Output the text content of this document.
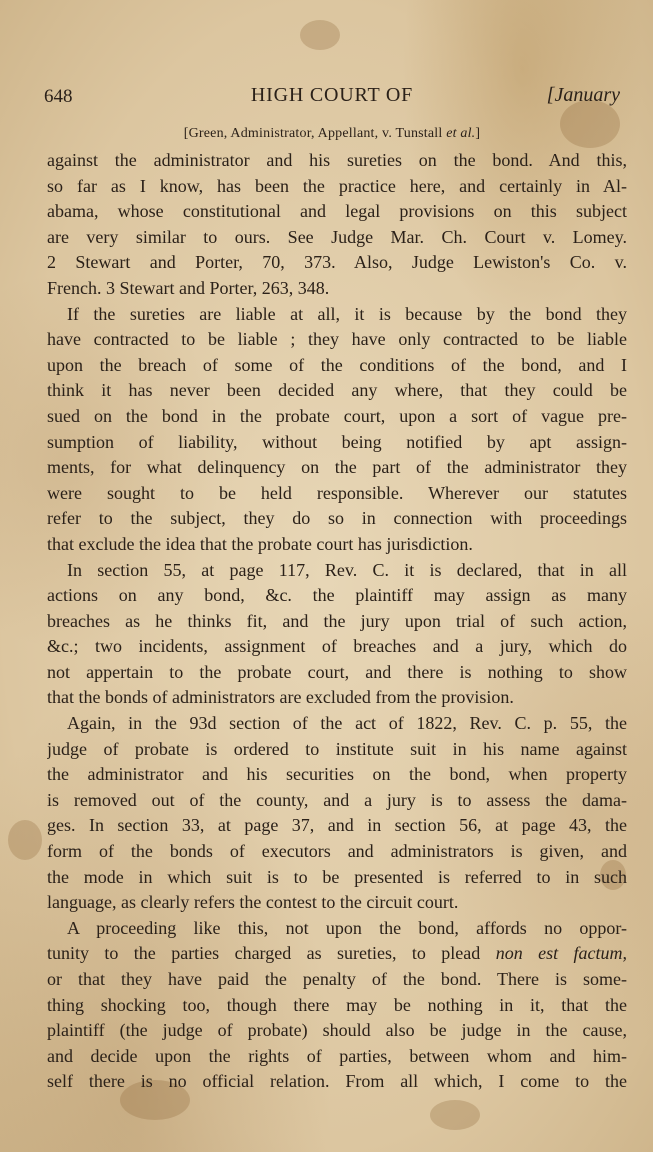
648	HIGH COURT OF	[January
[Green, Administrator, Appellant, v. Tunstall et al.]
against the administrator and his sureties on the bond. And this,
so far as I know, has been the practice here, and certainly in Al-
abama, whose constitutional and legal provisions on this subject
are very similar to ours. See Judge Mar. Ch. Court v. Lomey.
2 Stewart and Porter, 70, 373. Also, Judge Lewiston's Co. v.
French. 3 Stewart and Porter, 263, 348.
If the sureties are liable at all, it is because by the bond they
have contracted to be liable ; they have only contracted to be liable
upon the breach of some of the conditions of the bond, and I
think it has never been decided any where, that they could be
sued on the bond in the probate court, upon a sort of vague pre-
sumption of liability, without being notified by apt assign-
ments, for what delinquency on the part of the administrator they
were sought to be held responsible. Wherever our statutes
refer to the subject, they do so in connection with proceedings
that exclude the idea that the probate court has jurisdiction.
In section 55, at page 117, Rev. C. it is declared, that in all
actions on any bond, &c. the plaintiff may assign as many
breaches as he thinks fit, and the jury upon trial of such action,
&c.; two incidents, assignment of breaches and a jury, which do
not appertain to the probate court, and there is nothing to show
that the bonds of administrators are excluded from the provision.
Again, in the 93d section of the act of 1822, Rev. C. p. 55, the
judge of probate is ordered to institute suit in his name against
the administrator and his securities on the bond, when property
is removed out of the county, and a jury is to assess the dama-
ges. In section 33, at page 37, and in section 56, at page 43, the
form of the bonds of executors and administrators is given, and
the mode in which suit is to be presented is referred to in such
language, as clearly refers the contest to the circuit court.
A proceeding like this, not upon the bond, affords no oppor-
tunity to the parties charged as sureties, to plead non est factum,
or that they have paid the penalty of the bond. There is some-
thing shocking too, though there may be nothing in it, that the
plaintiff (the judge of probate) should also be judge in the cause,
and decide upon the rights of parties, between whom and him-
self there is no official relation. From all which, I come to the
